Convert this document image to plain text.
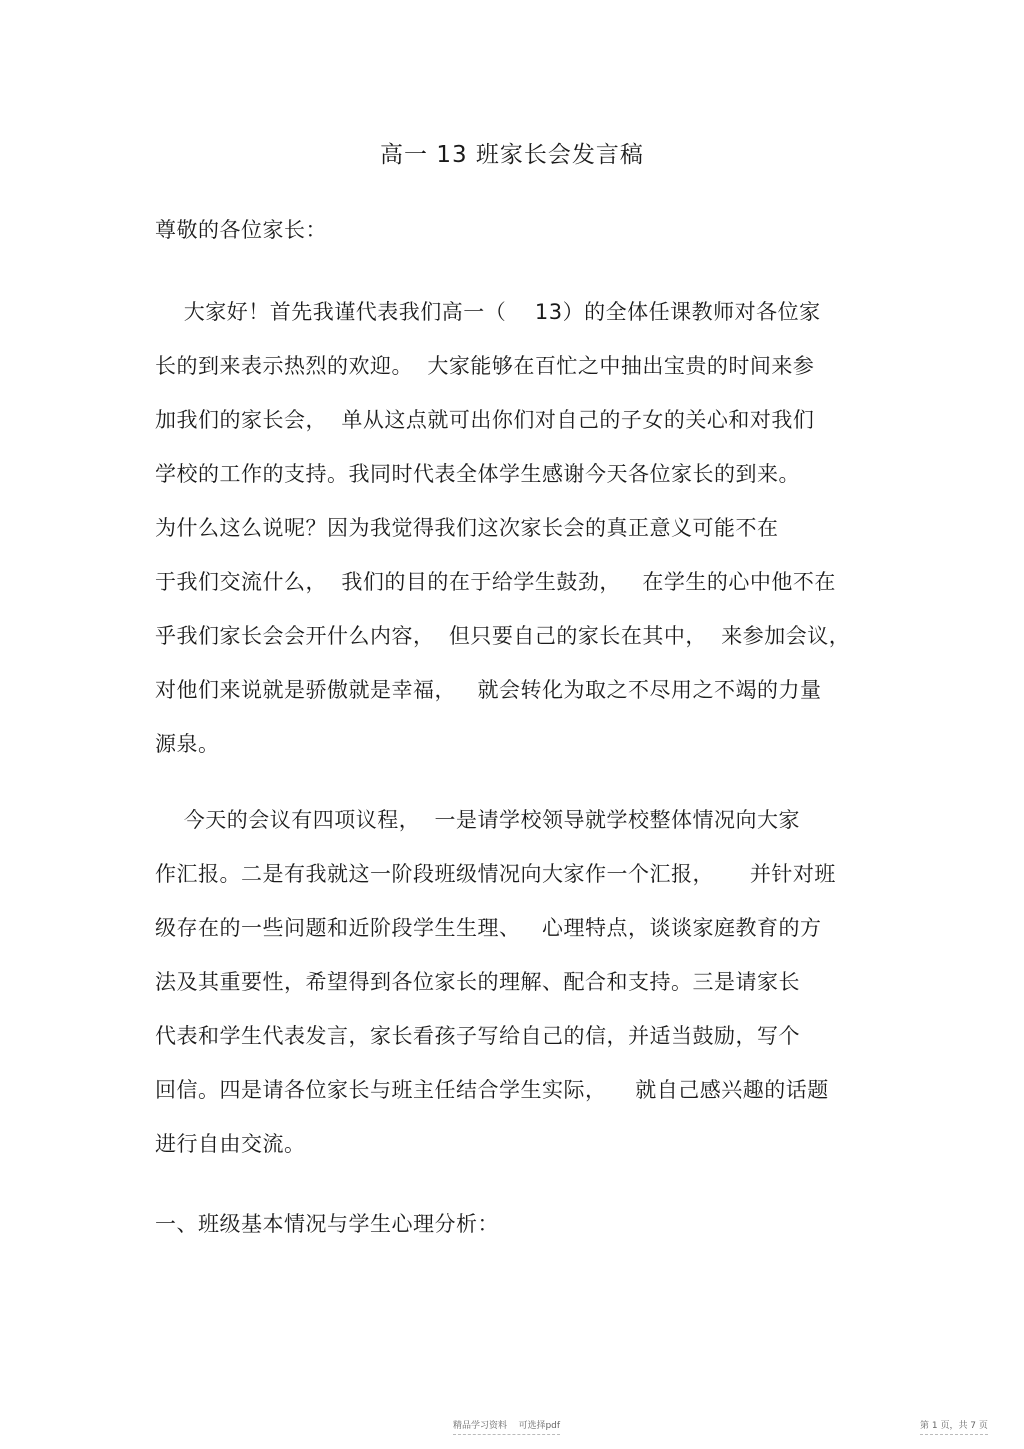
高一 13 班家长会发言稿
尊敬的各位家长：
大家好！首先我谨代表我们高一（    13）的全体任课教师对各位家
长的到来表示热烈的欢迎。  大家能够在百忙之中抽出宝贵的时间来参
加我们的家长会，  单从这点就可出你们对自己的子女的关心和对我们
学校的工作的支持。我同时代表全体学生感谢今天各位家长的到来。
为什么这么说呢？因为我觉得我们这次家长会的真正意义可能不在
于我们交流什么，  我们的目的在于给学生鼓劲，   在学生的心中他不在
乎我们家长会会开什么内容，  但只要自己的家长在其中，  来参加会议，
对他们来说就是骄傲就是幸福，   就会转化为取之不尽用之不竭的力量
源泉。
今天的会议有四项议程，  一是请学校领导就学校整体情况向大家
作汇报。二是有我就这一阶段班级情况向大家作一个汇报，     并针对班
级存在的一些问题和近阶段学生生理、   心理特点，谈谈家庭教育的方
法及其重要性，希望得到各位家长的理解、配合和支持。三是请家长
代表和学生代表发言，家长看孩子写给自己的信，并适当鼓励，写个
回信。四是请各位家长与班主任结合学生实际，    就自己感兴趣的话题
进行自由交流。
一、班级基本情况与学生心理分析：
精品学习资料    可选择pdf	第 1 页，共 7 页
